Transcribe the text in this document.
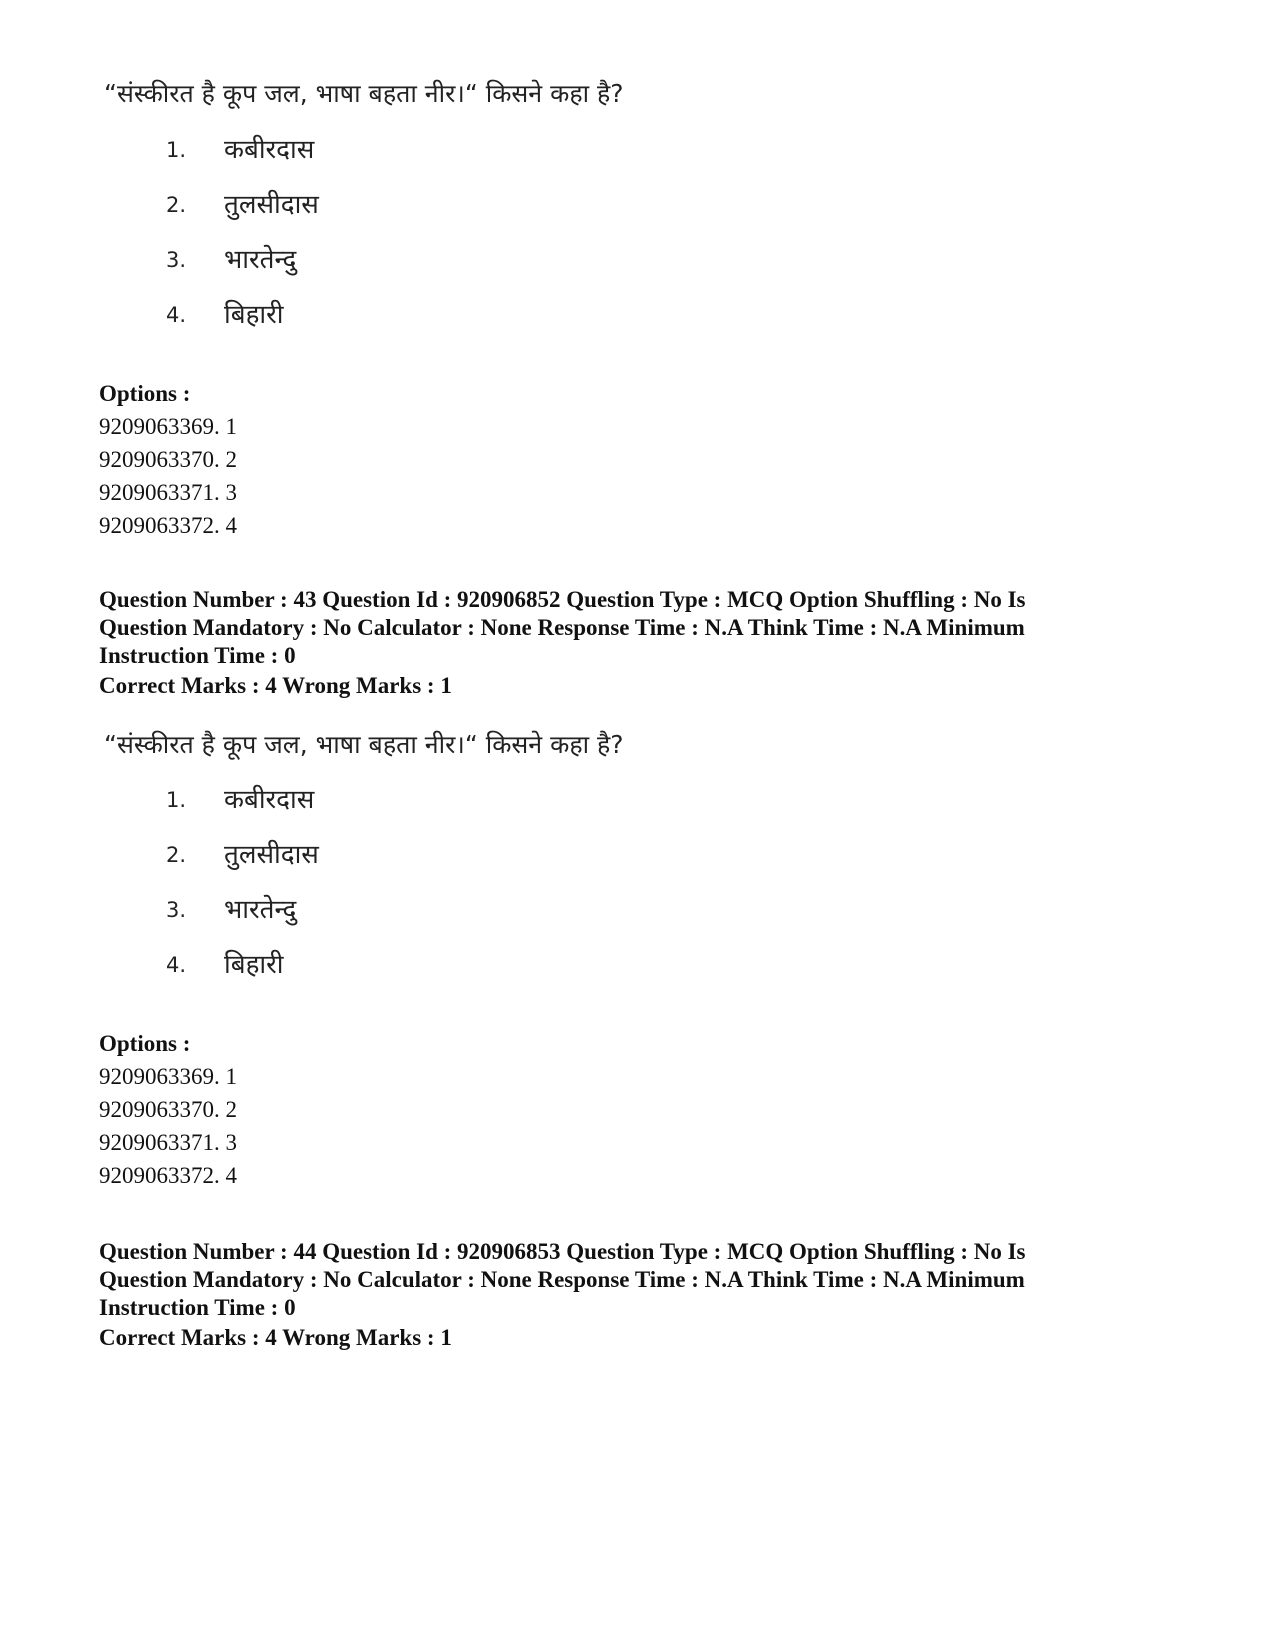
“संस्कीरत है कूप जल, भाषा बहता नीर।“ किसने कहा है?
1.	कबीरदास
2.	तुलसीदास
3.	भारतेन्दु
4.	बिहारी
Options :
9209063369. 1
9209063370. 2
9209063371. 3
9209063372. 4
Question Number : 43 Question Id : 920906852 Question Type : MCQ Option Shuffling : No Is
Question Mandatory : No Calculator : None Response Time : N.A Think Time : N.A Minimum
Instruction Time : 0
Correct Marks : 4 Wrong Marks : 1
“संस्कीरत है कूप जल, भाषा बहता नीर।“ किसने कहा है?
1.	कबीरदास
2.	तुलसीदास
3.	भारतेन्दु
4.	बिहारी
Options :
9209063369. 1
9209063370. 2
9209063371. 3
9209063372. 4
Question Number : 44 Question Id : 920906853 Question Type : MCQ Option Shuffling : No Is
Question Mandatory : No Calculator : None Response Time : N.A Think Time : N.A Minimum
Instruction Time : 0
Correct Marks : 4 Wrong Marks : 1
